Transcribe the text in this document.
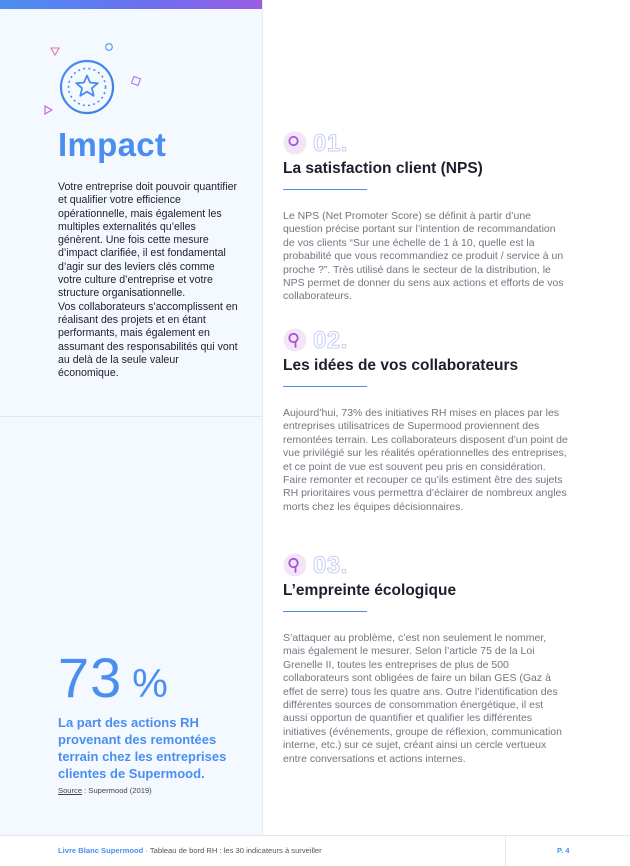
Impact

Votre entreprise doit pouvoir quantifier et qualifier votre efficience opérationnelle, mais également les multiples externalités qu’elles génèrent. Une fois cette mesure d’impact clarifiée, il est fondamental d’agir sur des leviers clés comme votre culture d’entreprise et votre structure organisationnelle.

Vos collaborateurs s’accomplissent en réalisant des projets et en étant performants, mais également en assumant des responsabilités qui vont au delà de la seule valeur économique.

73 %
La part des actions RH provenant des remontées terrain chez les entreprises clientes de Supermood.
Source : Supermood (2019)
01.
La satisfaction client (NPS)

Le NPS (Net Promoter Score) se définit à partir d’une question précise portant sur l’intention de recommandation de vos clients “Sur une échelle de 1 à 10, quelle est la probabilité que vous recommandiez ce produit / service à un proche ?”. Très utilisé dans le secteur de la distribution, le NPS permet de donner du sens aux actions et efforts de vos collaborateurs.

02.
Les idées de vos collaborateurs

Aujourd’hui, 73% des initiatives RH mises en places par les entreprises utilisatrices de Supermood proviennent des remontées terrain. Les collaborateurs disposent d’un point de vue privilégié sur les réalités opérationnelles des entreprises, et ce point de vue est souvent peu pris en considération. Faire remonter et recouper ce qu’ils estiment être des sujets RH prioritaires vous permettra d’éclairer de nombreux angles morts chez les équipes décisionnaires.

03.
L’empreinte écologique

S’attaquer au problème, c’est non seulement le nommer, mais également le mesurer. Selon l’article 75 de la Loi Grenelle II, toutes les entreprises de plus de 500 collaborateurs sont obligées de faire un bilan GES (Gaz à effet de serre) tous les quatre ans. Outre l’identification des différentes sources de consommation énergétique, il est aussi opportun de quantifier et qualifier les différentes initiatives (événements, groupe de réflexion, communication interne, etc.) sur ce sujet, créant ainsi un cercle vertueux entre conversations et actions internes.

Livre Blanc Supermood · Tableau de bord RH : les 30 indicateurs à surveiller	P. 4
